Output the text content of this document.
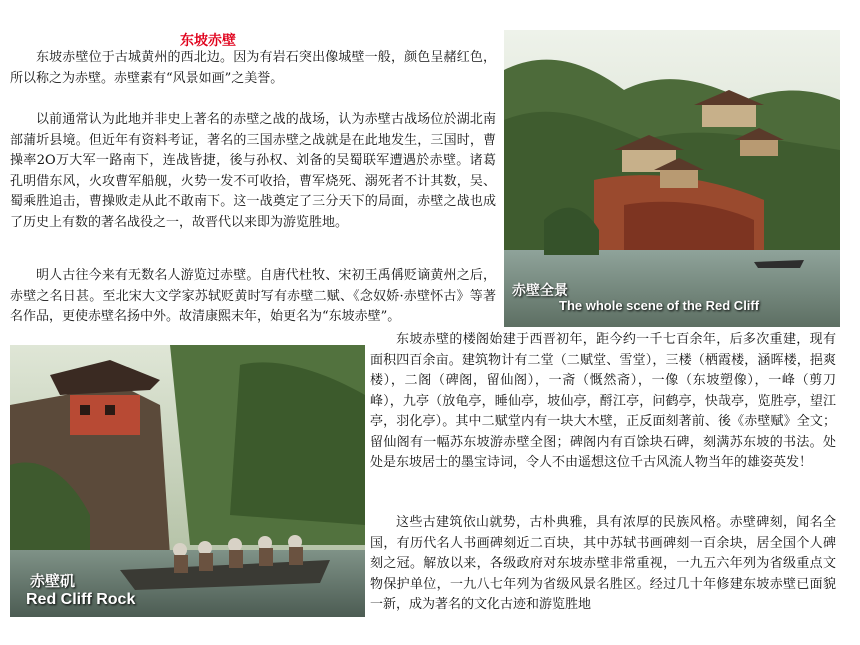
东坡赤壁

东坡赤壁位于古城黄州的西北边。因为有岩石突出像城壁一般，颜色呈赭红色，所以称之为赤壁。赤壁素有“风景如画”之美誉。

以前通常认为此地并非史上著名的赤壁之战的战场，认为赤壁古战场位於湖北南部蒲圻县境。但近年有资料考证，著名的三国赤壁之战就是在此地发生，三国时，曹操率2O万大军一路南下，连战皆捷，後与孙权、刘备的吴蜀联军遭遇於赤壁。诸葛孔明借东风，火攻曹军船舰，火势一发不可收拾，曹军烧死、溺死者不计其数，吴、蜀乘胜追击，曹操败走从此不敢南下。这一战奠定了三分天下的局面，赤壁之战也成了历史上有数的著名战役之一，故晋代以来即为游览胜地。

明人古往今来有无数名人游览过赤壁。自唐代杜牧、宋初王禹偁贬谪黄州之后，赤壁之名日甚。至北宋大文学家苏轼贬黄时写有赤壁二赋、《念奴娇·赤壁怀古》等著名作品，更使赤壁名扬中外。故清康熙末年，始更名为“东坡赤壁”。

赤壁全景
The whole scene of the Red Cliff
赤壁矶
Red Cliff Rock

东坡赤壁的楼阁始建于西晋初年，距今约一千七百余年，后多次重建，现有面积四百余亩。建筑物计有二堂（二赋堂、雪堂），三楼（栖霞楼，涵晖楼，挹爽楼），二阁（碑阁，留仙阁），一斋（慨然斋），一像（东坡塑像），一峰（剪刀峰），九亭（放龟亭，睡仙亭，坡仙亭，酹江亭，问鹤亭，快哉亭，览胜亭，望江亭，羽化亭）。其中二赋堂内有一块大木壁，正反面刻著前、後《赤壁赋》全文；留仙阁有一幅苏东坡游赤壁全图；碑阁内有百馀块石碑，刻满苏东坡的书法。处处是东坡居士的墨宝诗词，令人不由遥想这位千古风流人物当年的雄姿英发！

这些古建筑依山就势，古朴典雅，具有浓厚的民族风格。赤壁碑刻，闻名全国，有历代名人书画碑刻近二百块，其中苏轼书画碑刻一百余块，居全国个人碑刻之冠。解放以来，各级政府对东坡赤壁非常重视，一九五六年列为省级重点文物保护单位，一九八七年列为省级风景名胜区。经过几十年修建东坡赤壁已面貌一新，成为著名的文化古迹和游览胜地
